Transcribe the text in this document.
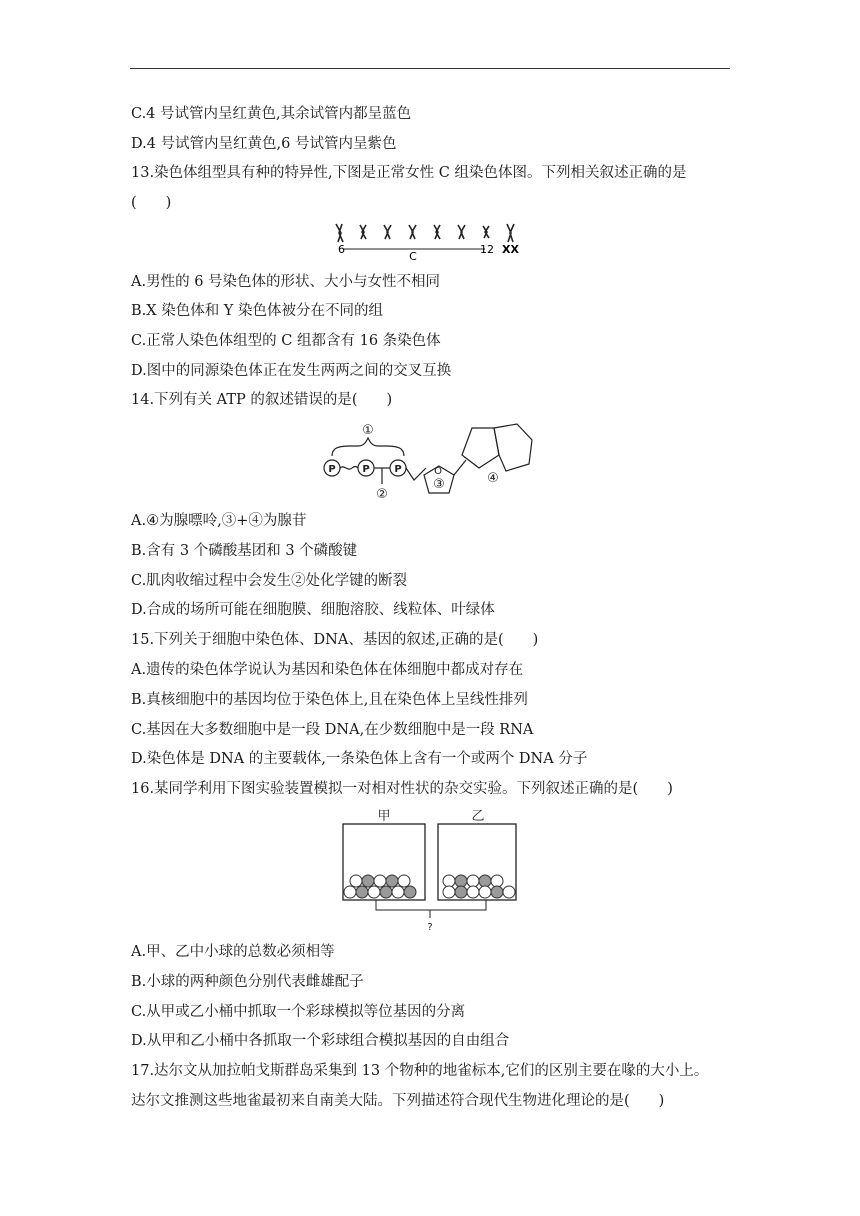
C.4 号试管内呈红黄色,其余试管内都呈蓝色
D.4 号试管内呈红黄色,6 号试管内呈紫色
13.染色体组型具有种的特异性,下图是正常女性 C 组染色体图。下列相关叙述正确的是
(　　)
6
C
12 XX
A.男性的 6 号染色体的形状、大小与女性不相同
B.X 染色体和 Y 染色体被分在不同的组
C.正常人染色体组型的 C 组都含有 16 条染色体
D.图中的同源染色体正在发生两两之间的交叉互换
14.下列有关 ATP 的叙述错误的是(　　)
P	P P
①
②
③	④
O
A.④为腺嘌呤,③+④为腺苷
B.含有 3 个磷酸基团和 3 个磷酸键
C.肌肉收缩过程中会发生②处化学键的断裂
D.合成的场所可能在细胞膜、细胞溶胶、线粒体、叶绿体
15.下列关于细胞中染色体、DNA、基因的叙述,正确的是(　　)
A.遗传的染色体学说认为基因和染色体在体细胞中都成对存在
B.真核细胞中的基因均位于染色体上,且在染色体上呈线性排列
C.基因在大多数细胞中是一段 DNA,在少数细胞中是一段 RNA
D.染色体是 DNA 的主要载体,一条染色体上含有一个或两个 DNA 分子
16.某同学利用下图实验装置模拟一对相对性状的杂交实验。下列叙述正确的是(　　)
甲	乙
?
A.甲、乙中小球的总数必须相等
B.小球的两种颜色分别代表雌雄配子
C.从甲或乙小桶中抓取一个彩球模拟等位基因的分离
D.从甲和乙小桶中各抓取一个彩球组合模拟基因的自由组合
17.达尔文从加拉帕戈斯群岛采集到 13 个物种的地雀标本,它们的区别主要在喙的大小上。
达尔文推测这些地雀最初来自南美大陆。下列描述符合现代生物进化理论的是(　　)
